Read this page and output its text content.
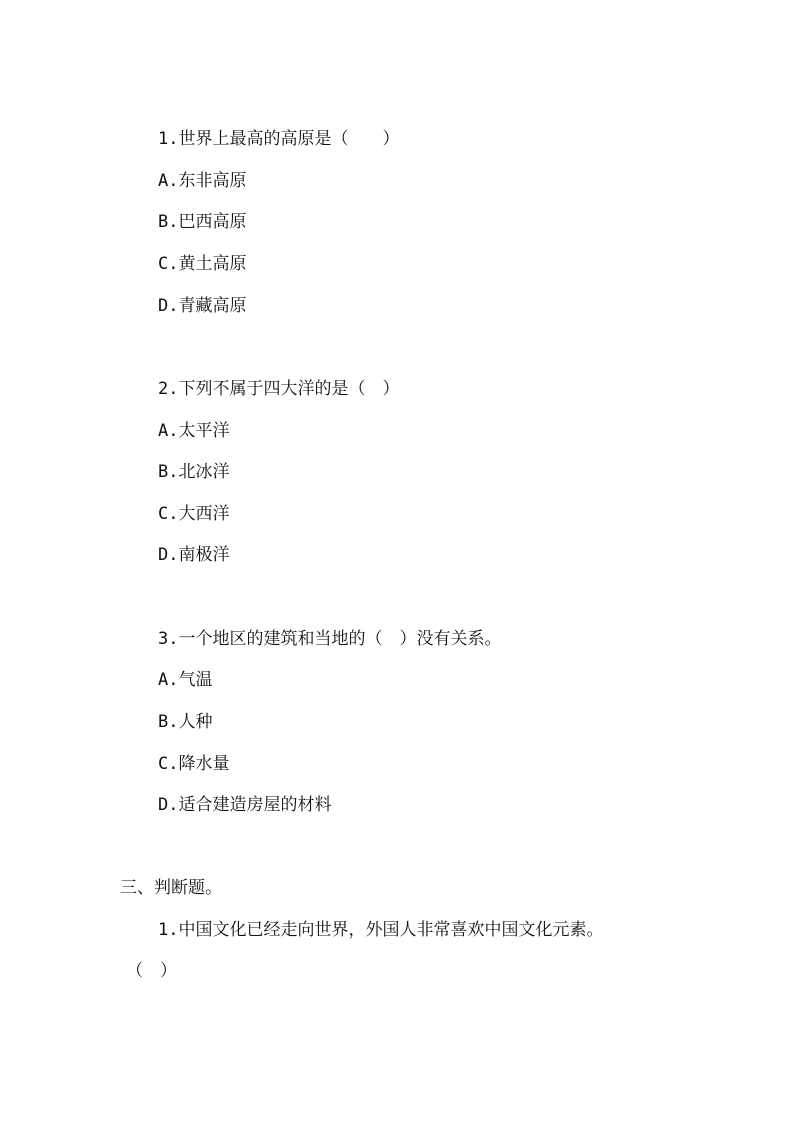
1.世界上最高的高原是（　　）
A.东非高原
B.巴西高原
C.黄土高原
D.青藏高原
2.下列不属于四大洋的是（　）
A.太平洋
B.北冰洋
C.大西洋
D.南极洋
3.一个地区的建筑和当地的（　）没有关系。
A.气温
B.人种
C.降水量
D.适合建造房屋的材料
三、判断题。
1.中国文化已经走向世界，外国人非常喜欢中国文化元素。
（　）
